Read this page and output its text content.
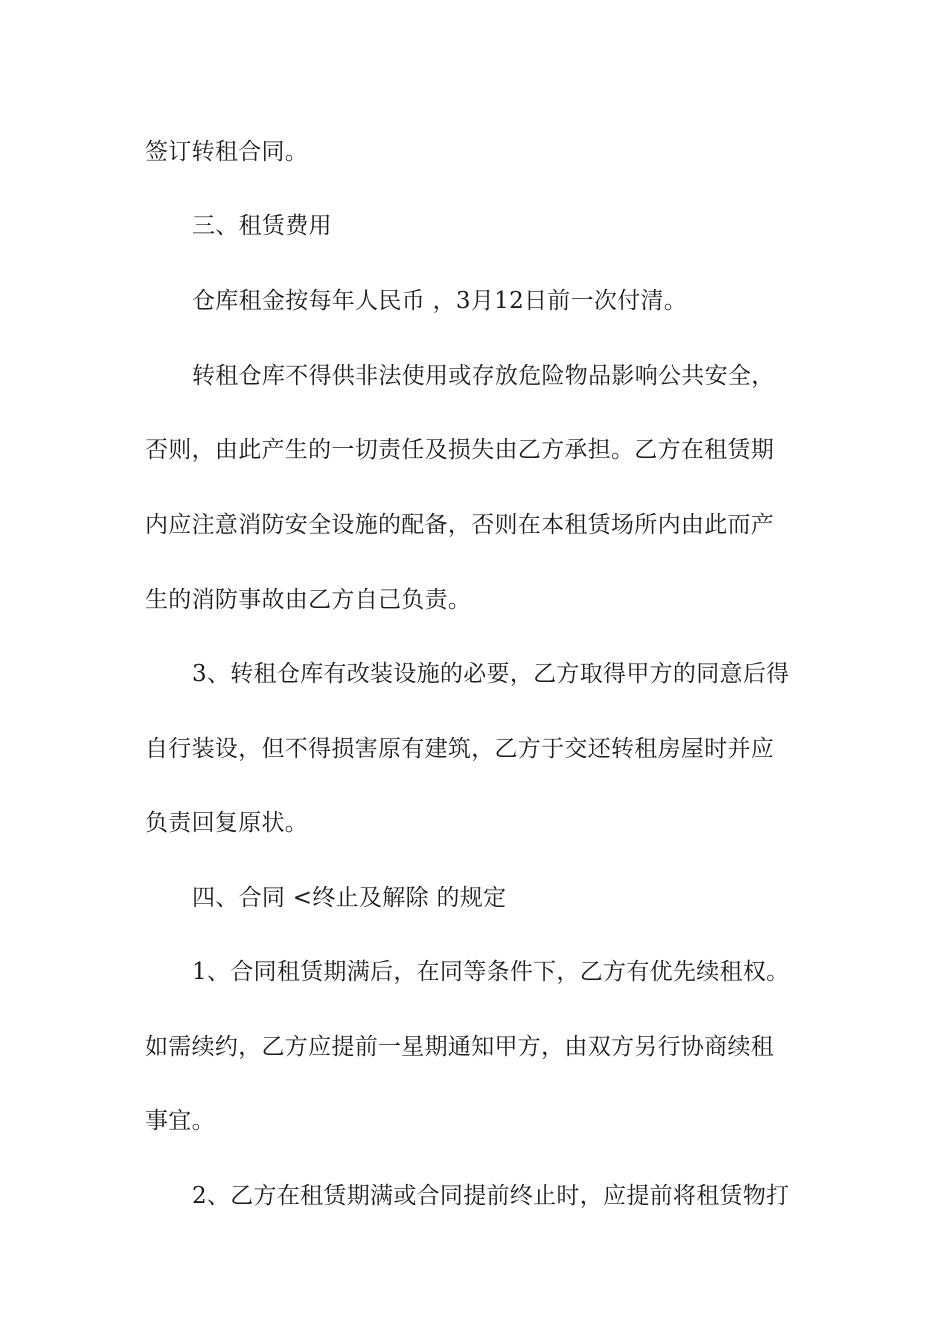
签订转租合同。
三、租赁费用
仓库租金按每年人民币 ，3月12日前一次付清。
转租仓库不得供非法使用或存放危险物品影响公共安全，
否则，由此产生的一切责任及损失由乙方承担。乙方在租赁期
内应注意消防安全设施的配备，否则在本租赁场所内由此而产
生的消防事故由乙方自己负责。
3、转租仓库有改装设施的必要，乙方取得甲方的同意后得
自行装设，但不得损害原有建筑，乙方于交还转租房屋时并应
负责回复原状。
四、合同 <终止及解除 的规定
1、合同租赁期满后，在同等条件下，乙方有优先续租权。
如需续约，乙方应提前一星期通知甲方，由双方另行协商续租
事宜。
2、乙方在租赁期满或合同提前终止时，应提前将租赁物打
